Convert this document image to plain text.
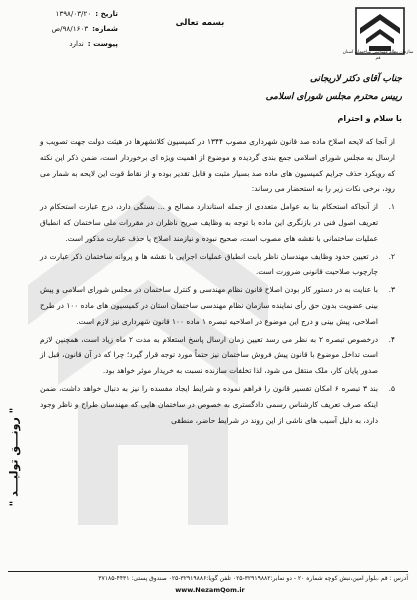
تاریخ :
۱۳۹۸/۰۳/۲۰
شماره:
۹۸/۱۶۰۳/ص
پیوست :
ندارد
بسمه تعالی
سازمان نظام مهندسی ساختمان استان قم
جناب آقای دکتر لاریجانی
رییس محترم مجلس شورای اسلامی
با سلام و احترام

از آنجا که لایحه اصلاح ماده صد قانون شهرداری مصوب ۱۳۴۴ در کمیسیون کلانشهرها در هیئت دولت جهت تصویب و ارسال به مجلس شورای اسلامی جمع بندی گردیده و موضوع از اهمیت ویژه ای برخوردار است، ضمن ذکر این نکته که رویکرد حذف جرایم کمیسیون های ماده صد بسیار مثبت و قابل تقدیر بوده و از نقاط قوت این لایحه به شمار می رود، برخی نکات زیر را به استحضار می رساند:

۱.
از آنجاکه استحکام بنا به عوامل متعددی از جمله استاندارد مصالح و ... بستگی دارد، درج عبارت استحکام در تعریف اصول فنی در بازنگری این ماده با توجه به وظایف صریح ناظران در مقررات ملی ساختمان که انطباق عملیات ساختمانی با نقشه های مصوب است، صحیح نبوده و نیازمند اصلاح یا حذف عبارت مذکور است.
۲.
در تعیین حدود وظایف مهندسان ناظر بابت انطباق عملیات اجرایی با نقشه ها و پروانه ساختمان ذکر عبارت در چارچوب صلاحیت قانونی ضرورت است.
۳.
با عنایت به در دستور کار بودن اصلاح قانون نظام مهندسی و کنترل ساختمان در مجلس شورای اسلامی و پیش بینی عضویت بدون حق رأی نماینده سازمان نظام مهندسی ساختمان استان در کمیسیون های ماده ۱۰۰ در طرح اصلاحی، پیش بینی و درج این موضوع در اصلاحیه تبصره ۱ ماده ۱۰۰ قانون شهرداری نیز لازم است.
۴.
درخصوص تبصره ۲ به نظر می رسد تعیین زمان ارسال پاسخ استعلام به مدت ۲ ماه زیاد است، همچنین لازم است تداخل موضوع با قانون پیش فروش ساختمان نیز حتماً مورد توجه قرار گیرد؛ چرا که در آن قانون، قبل از صدور پایان کار، ملک منتقل می شود، لذا تخلفات سازنده نسبت به خریدار موثر خواهد بود.
۵.
بند ۳ تبصره ۶ امکان تفسیر قانون را فراهم نموده و شرایط ایجاد مفسده را نیز به دنبال خواهد داشت، ضمن اینکه صرف تعریف کارشناس رسمی دادگستری به خصوص در ساختمان هایی که مهندسان طراح و ناظر وجود دارد، به دلیل آسیب های ناشی از این روند در شرایط حاضر، منطقی
" رونـــق تولیـــد "
آدرس : قم ،بلوار امین،نبش کوچه شماره ۲۰ - دو نمابر:۳۲۹۱۹۸۸۲-۰۲۵ تلفن گویا:۳۲۹۱۹۸۸۶-۰۲۵ صندوق پستی: ۴۴۳۱-۳۷۱۸۵
www.NezamQom.ir
